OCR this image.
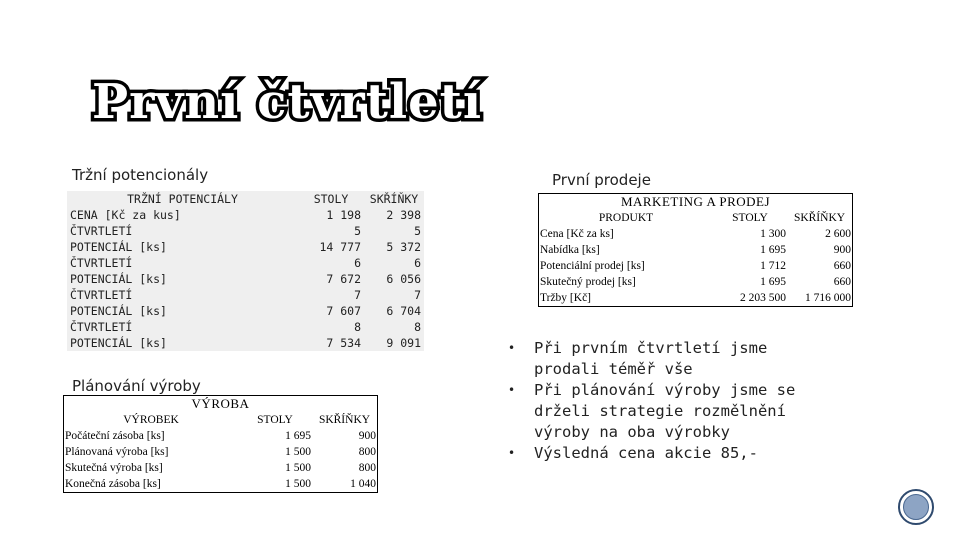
První čtvrtletí
Tržní potencionály
TRŽNÍ POTENCIÁLY	STOLY	SKŘÍŇKY
CENA [Kč za kus]	1 198	2 398
ČTVRTLETÍ	5	5
POTENCIÁL [ks]	14 777	5 372
ČTVRTLETÍ	6	6
POTENCIÁL [ks]	7 672	6 056
ČTVRTLETÍ	7	7
POTENCIÁL [ks]	7 607	6 704
ČTVRTLETÍ	8	8
POTENCIÁL [ks]	7 534	9 091
První prodeje
MARKETING A PRODEJ
PRODUKT	STOLY	SKŘÍŇKY
Cena [Kč za ks]	1 300	2 600
Nabídka [ks]	1 695	900
Potenciální prodej [ks]	1 712	660
Skutečný prodej [ks]	1 695	660
Tržby [Kč]	2 203 500	1 716 000
Plánování výroby
VÝROBA
VÝROBEK	STOLY	SKŘÍŇKY
Počáteční zásoba [ks]	1 695	900
Plánovaná výroba [ks]	1 500	800
Skutečná výroba [ks]	1 500	800
Konečná zásoba [ks]	1 500	1 040
• Při prvním čtvrtletí jsme prodali téměř vše
• Při plánování výroby jsme se drželi strategie rozmělnění výroby na oba výrobky
• Výsledná cena akcie 85,-
